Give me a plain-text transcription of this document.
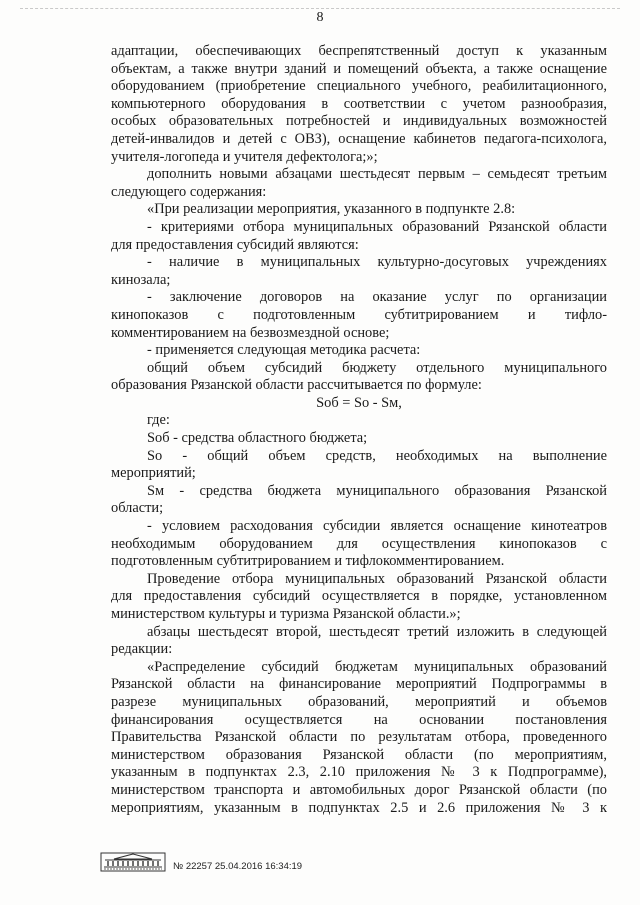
8
адаптации, обеспечивающих беспрепятственный доступ к указанным
объектам, а также внутри зданий и помещений объекта, а также оснащение
оборудованием (приобретение специального учебного, реабилитационного,
компьютерного оборудования в соответствии с учетом разнообразия,
особых образовательных потребностей и индивидуальных возможностей
детей-инвалидов и детей с ОВЗ), оснащение кабинетов педагога-психолога,
учителя-логопеда и учителя дефектолога;»;
дополнить новыми абзацами шестьдесят первым – семьдесят третьим
следующего содержания:
«При реализации мероприятия, указанного в подпункте 2.8:
- критериями отбора муниципальных образований Рязанской области
для предоставления субсидий являются:
- наличие в муниципальных культурно-досуговых учреждениях
кинозала;
- заключение договоров на оказание услуг по организации
кинопоказов с подготовленным субтитрированием и тифло-
комментированием на безвозмездной основе;
- применяется следующая методика расчета:
общий объем субсидий бюджету отдельного муниципального
образования Рязанской области рассчитывается по формуле:
Sоб = Sо - Sм,
где:
Sоб - средства областного бюджета;
Sо - общий объем средств, необходимых на выполнение
мероприятий;
Sм - средства бюджета муниципального образования Рязанской
области;
- условием расходования субсидии является оснащение кинотеатров
необходимым оборудованием для осуществления кинопоказов с
подготовленным субтитрированием и тифлокомментированием.
Проведение отбора муниципальных образований Рязанской области
для предоставления субсидий осуществляется в порядке, установленном
министерством культуры и туризма Рязанской области.»;
абзацы шестьдесят второй, шестьдесят третий изложить в следующей
редакции:
«Распределение субсидий бюджетам муниципальных образований
Рязанской области на финансирование мероприятий Подпрограммы в
разрезе муниципальных образований, мероприятий и объемов
финансирования осуществляется на основании постановления
Правительства Рязанской области по результатам отбора, проведенного
министерством образования Рязанской области (по мероприятиям,
указанным в подпунктах 2.3, 2.10 приложения № 3 к Подпрограмме),
министерством транспорта и автомобильных дорог Рязанской области (по
мероприятиям, указанным в подпунктах 2.5 и 2.6 приложения № 3 к
№ 22257 25.04.2016 16:34:19
